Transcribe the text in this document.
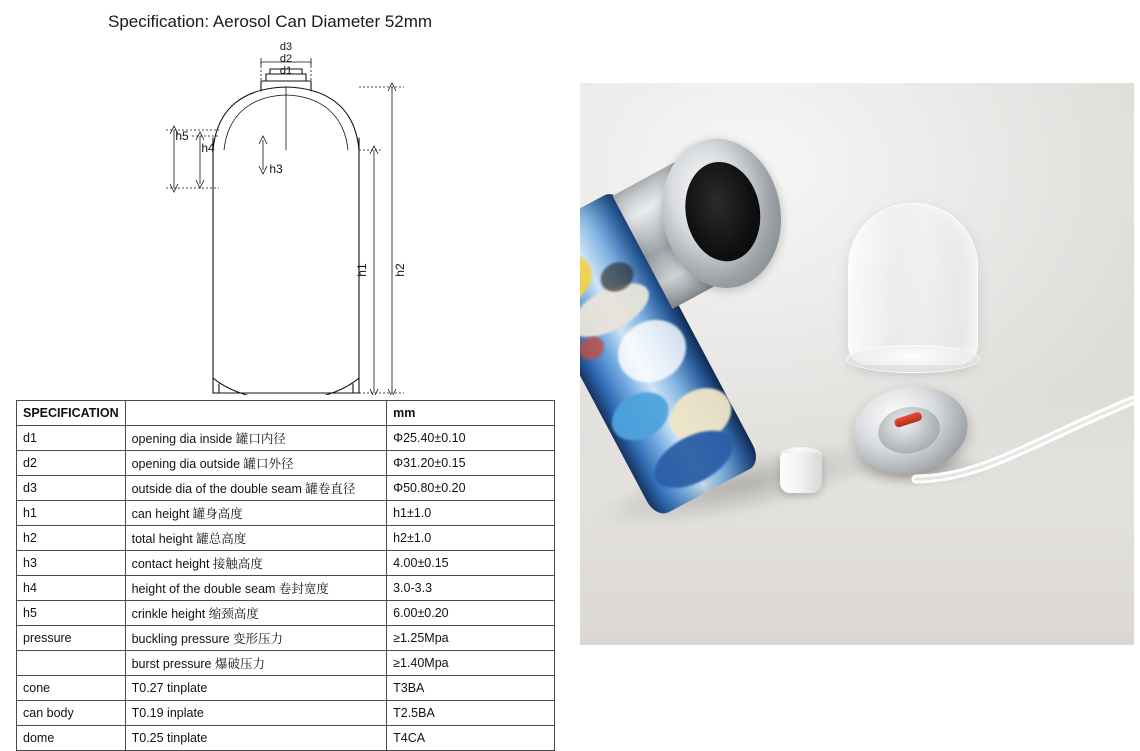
Specification: Aerosol Can Diameter 52mm
d3
d2
d1
h5
h4
h3
h1 h2
SPECIFICATION		mm
d1	opening dia inside 罐口内径	Φ25.40±0.10
d2	opening dia outside 罐口外径	Φ31.20±0.15
d3	outside dia of the double seam 罐卷直径	Φ50.80±0.20
h1	can height 罐身高度	h1±1.0
h2	total height 罐总高度	h2±1.0
h3	contact height 接触高度	4.00±0.15
h4	height of the double seam 卷封宽度	3.0-3.3
h5	crinkle height 缩颈高度	6.00±0.20
pressure	buckling pressure 变形压力	≥1.25Mpa
	burst pressure 爆破压力	≥1.40Mpa
cone	T0.27 tinplate	T3BA
can body	T0.19 inplate	T2.5BA
dome	T0.25 tinplate	T4CA
